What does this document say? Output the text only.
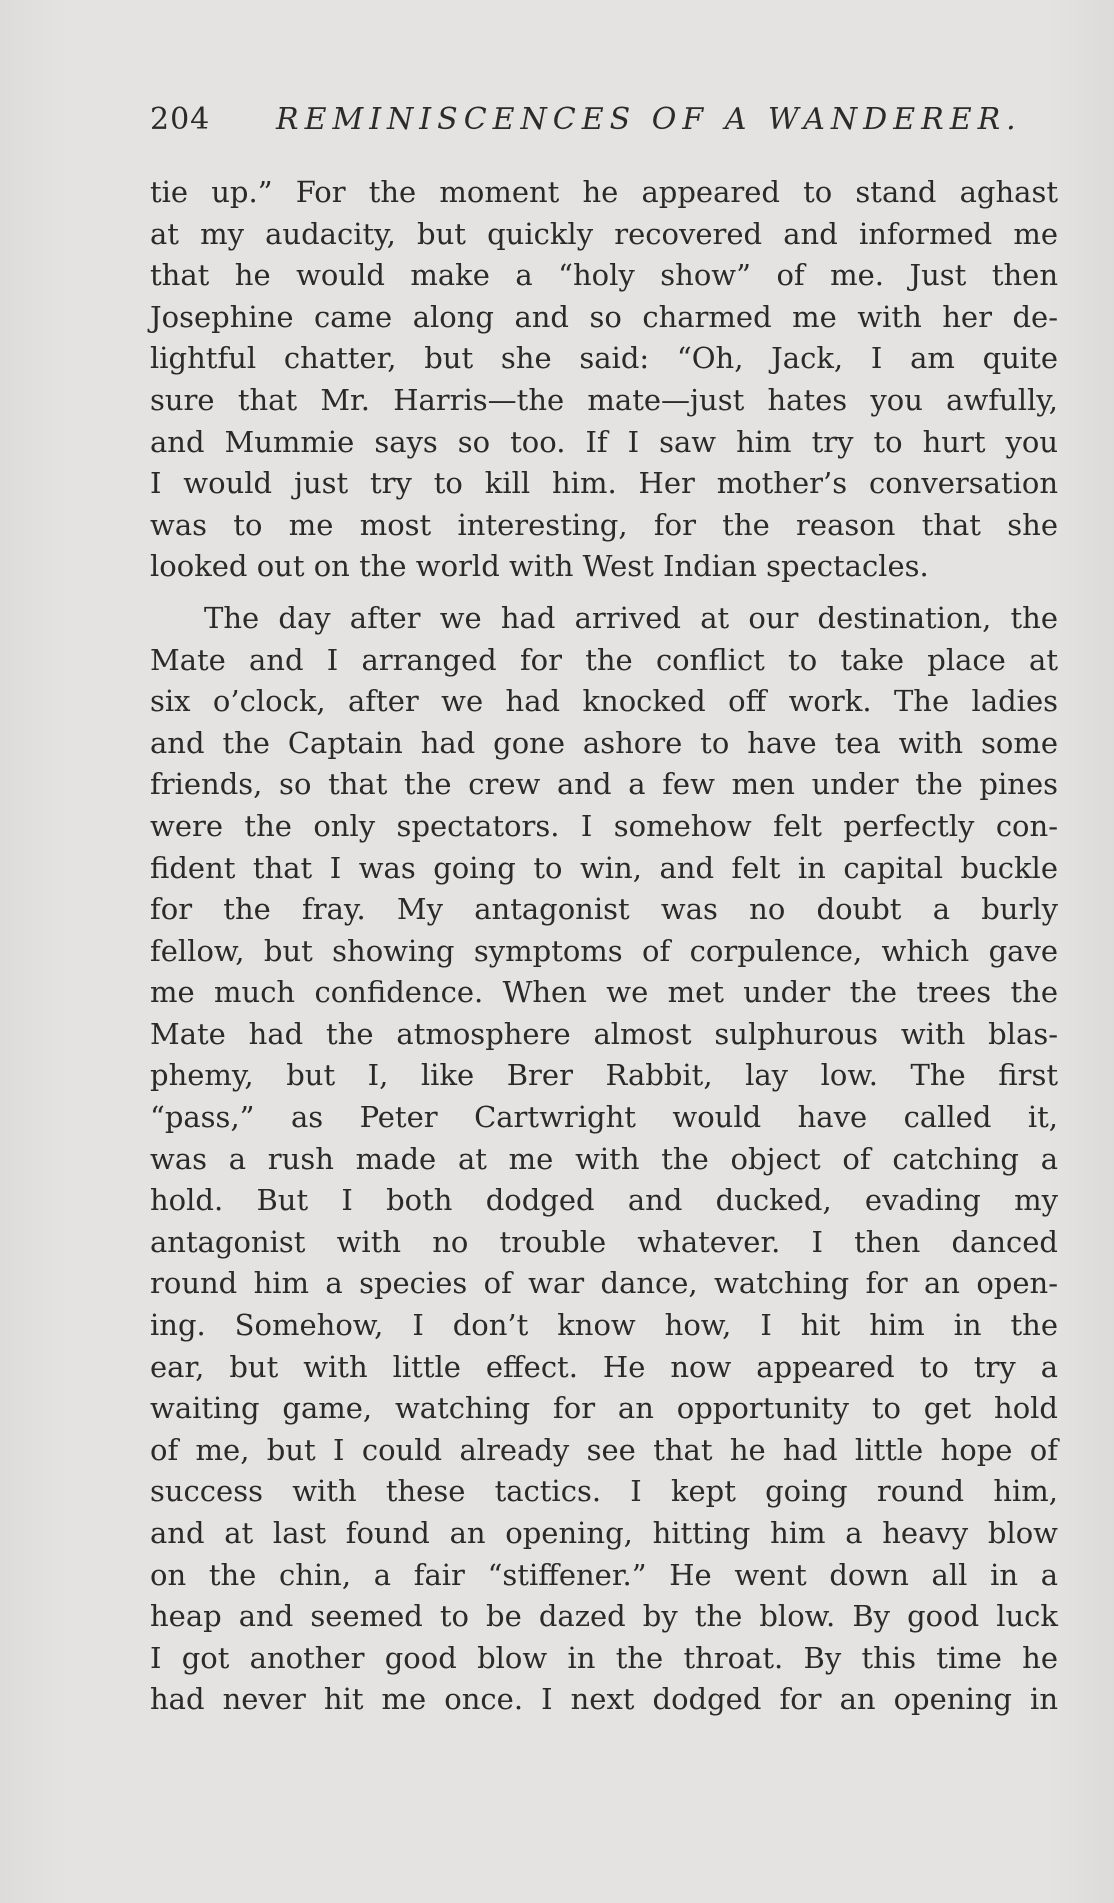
204 REMINISCENCES OF A WANDERER.
tie up.” For the moment he appeared to stand aghast
at my audacity, but quickly recovered and informed me
that he would make a “holy show” of me. Just then
Josephine came along and so charmed me with her de-
lightful chatter, but she said: “Oh, Jack, I am quite
sure that Mr. Harris—the mate—just hates you awfully,
and Mummie says so too. If I saw him try to hurt you
I would just try to kill him. Her mother’s conversation
was to me most interesting, for the reason that she
looked out on the world with West Indian spectacles.
The day after we had arrived at our destination, the
Mate and I arranged for the conflict to take place at
six o’clock, after we had knocked off work. The ladies
and the Captain had gone ashore to have tea with some
friends, so that the crew and a few men under the pines
were the only spectators. I somehow felt perfectly con-
fident that I was going to win, and felt in capital buckle
for the fray. My antagonist was no doubt a burly
fellow, but showing symptoms of corpulence, which gave
me much confidence. When we met under the trees the
Mate had the atmosphere almost sulphurous with blas-
phemy, but I, like Brer Rabbit, lay low. The first
“pass,” as Peter Cartwright would have called it,
was a rush made at me with the object of catching a
hold. But I both dodged and ducked, evading my
antagonist with no trouble whatever. I then danced
round him a species of war dance, watching for an open-
ing. Somehow, I don’t know how, I hit him in the
ear, but with little effect. He now appeared to try a
waiting game, watching for an opportunity to get hold
of me, but I could already see that he had little hope of
success with these tactics. I kept going round him,
and at last found an opening, hitting him a heavy blow
on the chin, a fair “stiffener.” He went down all in a
heap and seemed to be dazed by the blow. By good luck
I got another good blow in the throat. By this time he
had never hit me once. I next dodged for an opening in
